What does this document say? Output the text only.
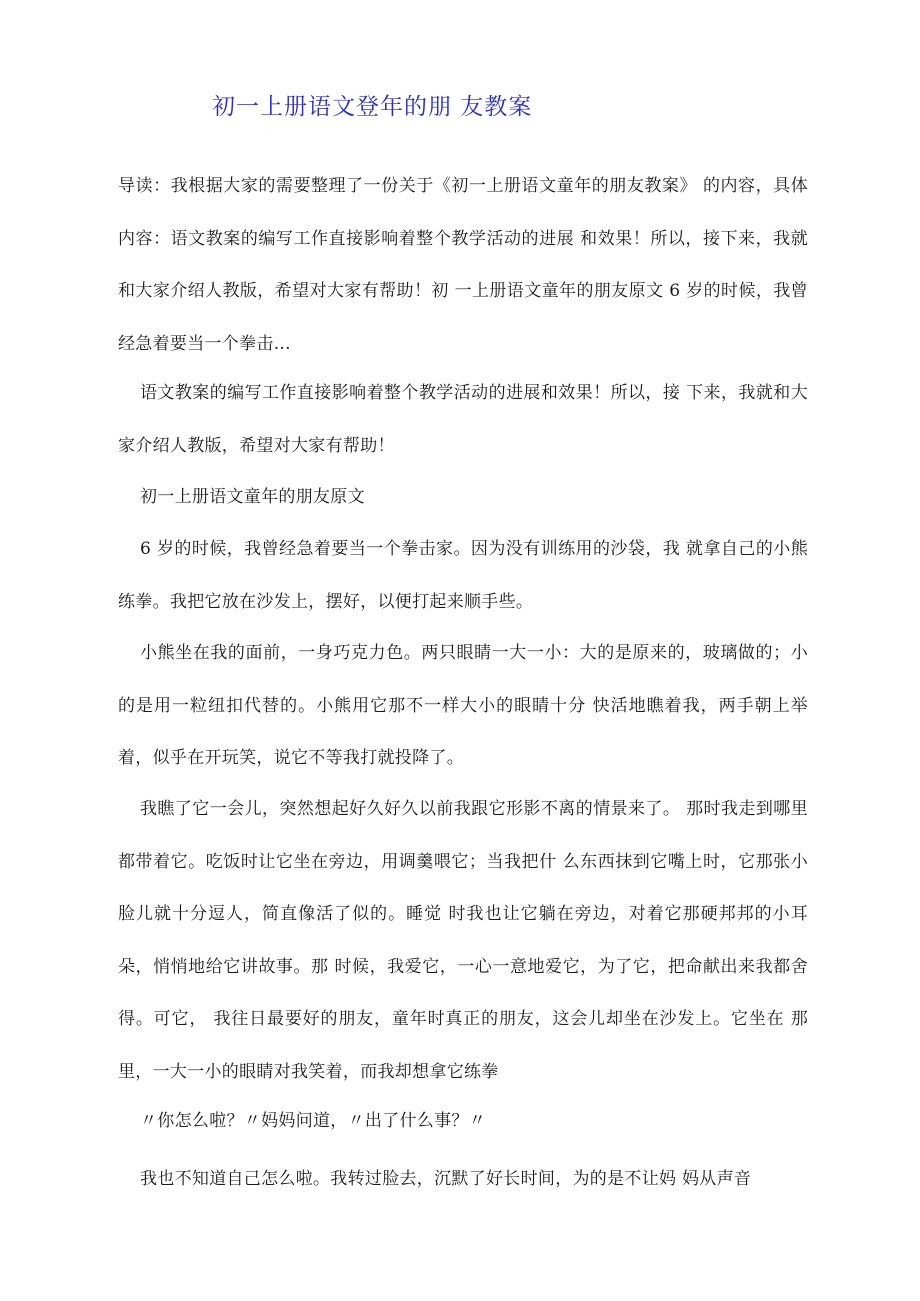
初一上册语文登年的朋 友教案

导读：我根据大家的需要整理了一份关于《初一上册语文童年的朋友教案》 的内容，具体内容：语文教案的编写工作直接影响着整个教学活动的进展 和效果！所以，接下来，我就和大家介绍人教版，希望对大家有帮助！初 一上册语文童年的朋友原文 6 岁的时候，我曾经急着要当一个拳击...

语文教案的编写工作直接影响着整个教学活动的进展和效果！所以，接 下来，我就和大家介绍人教版，希望对大家有帮助！

初一上册语文童年的朋友原文

6 岁的时候，我曾经急着要当一个拳击家。因为没有训练用的沙袋，我 就拿自己的小熊练拳。我把它放在沙发上，摆好，以便打起来顺手些。

小熊坐在我的面前，一身巧克力色。两只眼睛一大一小：大的是原来的，玻璃做的；小的是用一粒纽扣代替的。小熊用它那不一样大小的眼睛十分 快活地瞧着我，两手朝上举着，似乎在开玩笑，说它不等我打就投降了。

我瞧了它一会儿，突然想起好久好久以前我跟它形影不离的情景来了。 那时我走到哪里都带着它。吃饭时让它坐在旁边，用调羹喂它；当我把什 么东西抹到它嘴上时，它那张小脸儿就十分逗人，简直像活了似的。睡觉 时我也让它躺在旁边，对着它那硬邦邦的小耳朵，悄悄地给它讲故事。那 时候，我爱它，一心一意地爱它，为了它，把命献出来我都舍得。可它， 我往日最要好的朋友，童年时真正的朋友，这会儿却坐在沙发上。它坐在 那里，一大一小的眼睛对我笑着，而我却想拿它练拳

〃你怎么啦？〃妈妈问道，〃出了什么事？〃

我也不知道自己怎么啦。我转过脸去，沉默了好长时间，为的是不让妈 妈从声音
